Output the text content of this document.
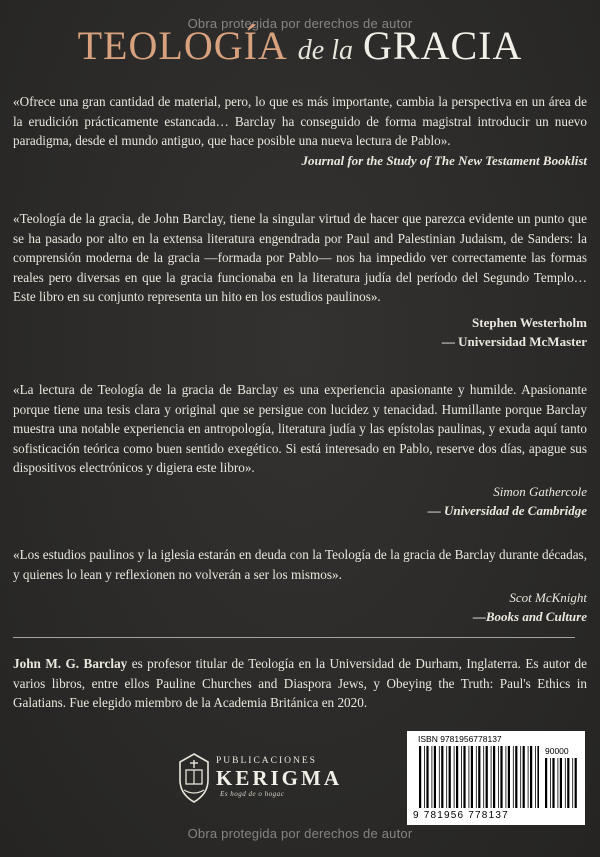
Obra protegida por derechos de autor
TEOLOGÍA de la GRACIA
«Ofrece una gran cantidad de material, pero, lo que es más importante, cambia la perspectiva en un área de la erudición prácticamente estancada… Barclay ha conseguido de forma magistral introducir un nuevo paradigma, desde el mundo antiguo, que hace posible una nueva lectura de Pablo».
Journal for the Study of The New Testament Booklist
«Teología de la gracia, de John Barclay, tiene la singular virtud de hacer que parezca evidente un punto que se ha pasado por alto en la extensa literatura engendrada por Paul and Palestinian Judaism, de Sanders: la comprensión moderna de la gracia —formada por Pablo— nos ha impedido ver correctamente las formas reales pero diversas en que la gracia funcionaba en la literatura judía del período del Segundo Templo… Este libro en su conjunto representa un hito en los estudios paulinos».
Stephen Westerholm
— Universidad McMaster
«La lectura de Teología de la gracia de Barclay es una experiencia apasionante y humilde. Apasionante porque tiene una tesis clara y original que se persigue con lucidez y tenacidad. Humillante porque Barclay muestra una notable experiencia en antropología, literatura judía y las epístolas paulinas, y exuda aquí tanto sofisticación teórica como buen sentido exegético. Si está interesado en Pablo, reserve dos días, apague sus dispositivos electrónicos y digiera este libro».
Simon Gathercole
— Universidad de Cambridge
«Los estudios paulinos y la iglesia estarán en deuda con la Teología de la gracia de Barclay durante décadas, y quienes lo lean y reflexionen no volverán a ser los mismos».
Scot McKnight
—Books and Culture
John M. G. Barclay es profesor titular de Teología en la Universidad de Durham, Inglaterra. Es autor de varios libros, entre ellos Pauline Churches and Diaspora Jews, y Obeying the Truth: Paul's Ethics in Galatians. Fue elegido miembro de la Academia Británica en 2020.
PUBLICACIONES
KERIGMA
Es hogd de o hogac
ISBN 9781956778137
90000
9 781956 778137
Obra protegida por derechos de autor
